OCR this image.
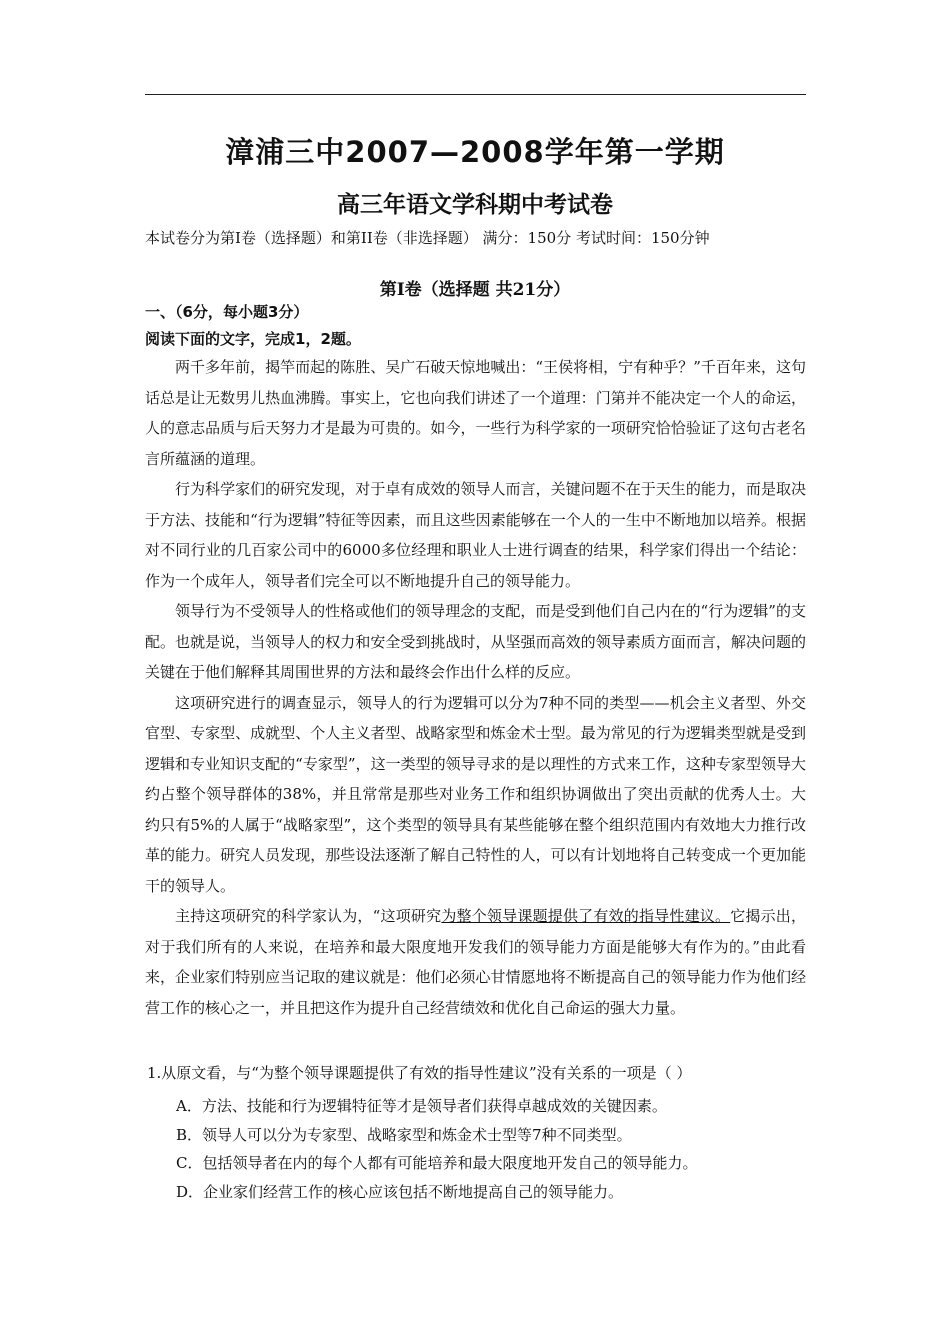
漳浦三中2007—2008学年第一学期
高三年语文学科期中考试卷
本试卷分为第I卷（选择题）和第II卷（非选择题） 满分：150分 考试时间：150分钟
第I卷（选择题 共21分）
一、（6分，每小题3分）
阅读下面的文字，完成1，2题。

两千多年前，揭竿而起的陈胜、吴广石破天惊地喊出：“王侯将相，宁有种乎？”千百年来，这句话总是让无数男儿热血沸腾。事实上，它也向我们讲述了一个道理：门第并不能决定一个人的命运，人的意志品质与后天努力才是最为可贵的。如今，一些行为科学家的一项研究恰恰验证了这句古老名言所蕴涵的道理。

行为科学家们的研究发现，对于卓有成效的领导人而言，关键问题不在于天生的能力，而是取决于方法、技能和“行为逻辑”特征等因素，而且这些因素能够在一个人的一生中不断地加以培养。根据对不同行业的几百家公司中的6000多位经理和职业人士进行调查的结果，科学家们得出一个结论：作为一个成年人，领导者们完全可以不断地提升自己的领导能力。

领导行为不受领导人的性格或他们的领导理念的支配，而是受到他们自己内在的“行为逻辑”的支配。也就是说，当领导人的权力和安全受到挑战时，从坚强而高效的领导素质方面而言，解决问题的关键在于他们解释其周围世界的方法和最终会作出什么样的反应。

这项研究进行的调查显示，领导人的行为逻辑可以分为7种不同的类型——机会主义者型、外交官型、专家型、成就型、个人主义者型、战略家型和炼金术士型。最为常见的行为逻辑类型就是受到逻辑和专业知识支配的“专家型”，这一类型的领导寻求的是以理性的方式来工作，这种专家型领导大约占整个领导群体的38%，并且常常是那些对业务工作和组织协调做出了突出贡献的优秀人士。大约只有5%的人属于“战略家型”，这个类型的领导具有某些能够在整个组织范围内有效地大力推行改革的能力。研究人员发现，那些设法逐渐了解自己特性的人，可以有计划地将自己转变成一个更加能干的领导人。

主持这项研究的科学家认为，“这项研究为整个领导课题提供了有效的指导性建议。它揭示出，对于我们所有的人来说，在培养和最大限度地开发我们的领导能力方面是能够大有作为的。”由此看来，企业家们特别应当记取的建议就是：他们必须心甘情愿地将不断提高自己的领导能力作为他们经营工作的核心之一，并且把这作为提升自己经营绩效和优化自己命运的强大力量。

1.从原文看，与“为整个领导课题提供了有效的指导性建议”没有关系的一项是（ ）
A．方法、技能和行为逻辑特征等才是领导者们获得卓越成效的关键因素。
B．领导人可以分为专家型、战略家型和炼金术士型等7种不同类型。
C．包括领导者在内的每个人都有可能培养和最大限度地开发自己的领导能力。
D．企业家们经营工作的核心应该包括不断地提高自己的领导能力。
